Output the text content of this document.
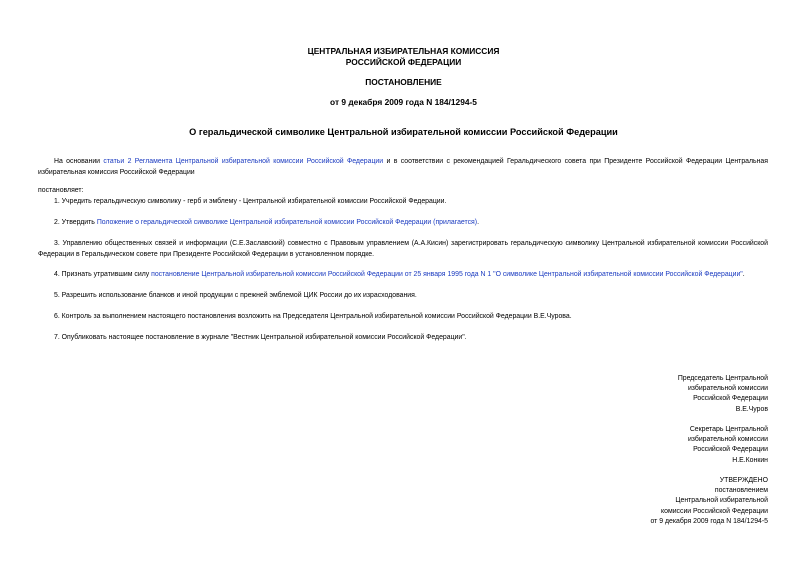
ЦЕНТРАЛЬНАЯ ИЗБИРАТЕЛЬНАЯ КОМИССИЯ
РОССИЙСКОЙ ФЕДЕРАЦИИ
ПОСТАНОВЛЕНИЕ
от 9 декабря 2009 года N 184/1294-5
О геральдической символике Центральной избирательной комиссии Российской Федерации
На основании статьи 2 Регламента Центральной избирательной комиссии Российской Федерации и в соответствии с рекомендацией Геральдического совета при Президенте Российской Федерации Центральная избирательная комиссия Российской Федерации
постановляет:
1. Учредить геральдическую символику - герб и эмблему - Центральной избирательной комиссии Российской Федерации.
2. Утвердить Положение о геральдической символике Центральной избирательной комиссии Российской Федерации (прилагается).
3. Управлению общественных связей и информации (С.Е.Заславский) совместно с Правовым управлением (А.А.Кисин) зарегистрировать геральдическую символику Центральной избирательной комиссии Российской Федерации в Геральдическом совете при Президенте Российской Федерации в установленном порядке.
4. Признать утратившим силу постановление Центральной избирательной комиссии Российской Федерации от 25 января 1995 года N 1 "О символике Центральной избирательной комиссии Российской Федерации".
5. Разрешить использование бланков и иной продукции с прежней эмблемой ЦИК России до их израсходования.
6. Контроль за выполнением настоящего постановления возложить на Председателя Центральной избирательной комиссии Российской Федерации В.Е.Чурова.
7. Опубликовать настоящее постановление в журнале "Вестник Центральной избирательной комиссии Российской Федерации".
Председатель Центральной
избирательной комиссии
Российской Федерации
В.Е.Чуров
Секретарь Центральной
избирательной комиссии
Российской Федерации
Н.Е.Конкин
УТВЕРЖДЕНО
постановлением
Центральной избирательной
комиссии Российской Федерации
от 9 декабря 2009 года N 184/1294-5
